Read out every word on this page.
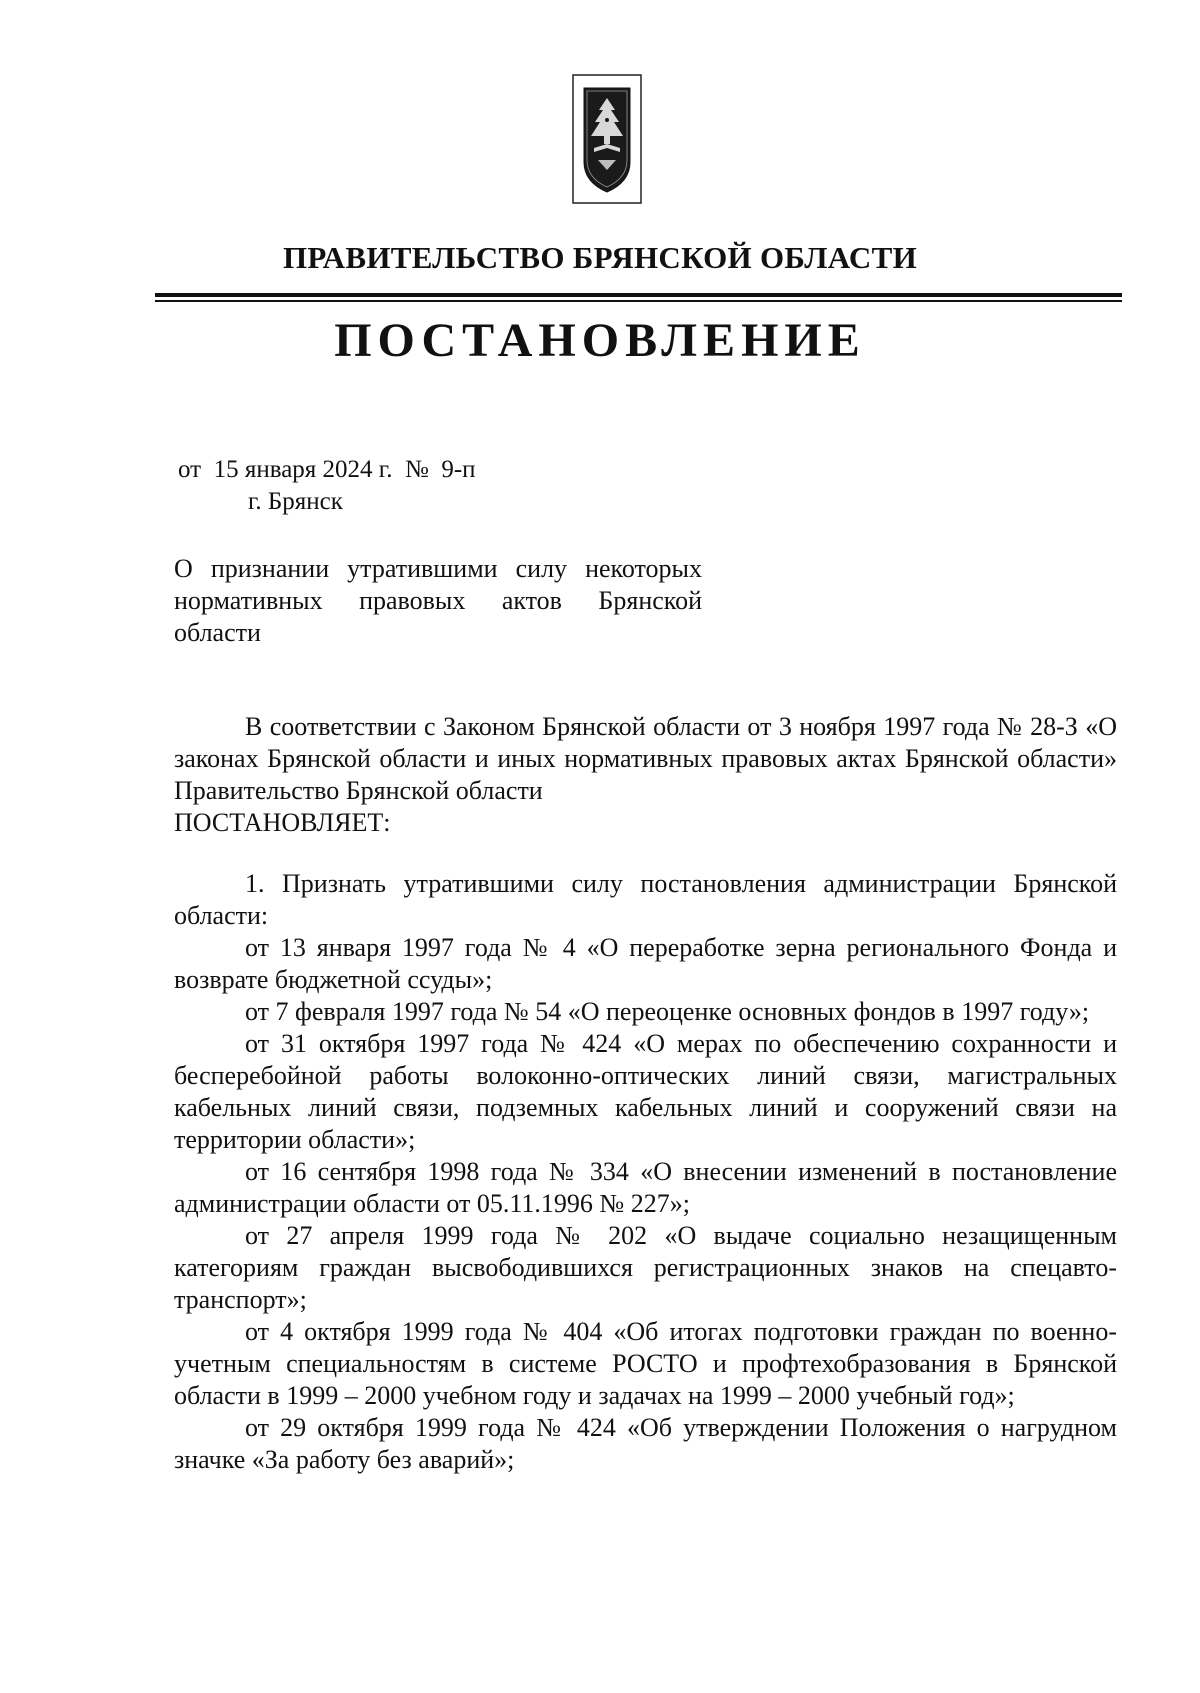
ПРАВИТЕЛЬСТВО БРЯНСКОЙ ОБЛАСТИ
ПОСТАНОВЛЕНИЕ
от  15 января 2024 г.  №  9-п
г. Брянск
О признании утратившими силу некоторых нормативных правовых актов Брянской области

В соответствии с Законом Брянской области от 3 ноября 1997 года № 28-З «О законах Брянской области и иных нормативных правовых актах Брянской области» Правительство Брянской области

ПОСТАНОВЛЯЕТ:

1. Признать утратившими силу постановления администрации Брянской области:

от 13 января 1997 года № 4 «О переработке зерна регионального Фонда и возврате бюджетной ссуды»;

от 7 февраля 1997 года № 54 «О переоценке основных фондов в 1997 году»;

от 31 октября 1997 года № 424 «О мерах по обеспечению сохранности и бесперебойной работы волоконно-оптических линий связи, магистральных кабельных линий связи, подземных кабельных линий и сооружений связи на территории области»;

от 16 сентября 1998 года № 334 «О внесении изменений в постановление администрации области от 05.11.1996 № 227»;

от 27 апреля 1999 года № 202 «О выдаче социально незащищенным категориям граждан высвободившихся регистрационных знаков на спецавтотранспорт»;

от 4 октября 1999 года № 404 «Об итогах подготовки граждан по военно-учетным специальностям в системе РОСТО и профтехобразования в Брянской области в 1999 – 2000 учебном году и задачах на 1999 – 2000 учебный год»;

от 29 октября 1999 года № 424 «Об утверждении Положения о нагрудном значке «За работу без аварий»;
